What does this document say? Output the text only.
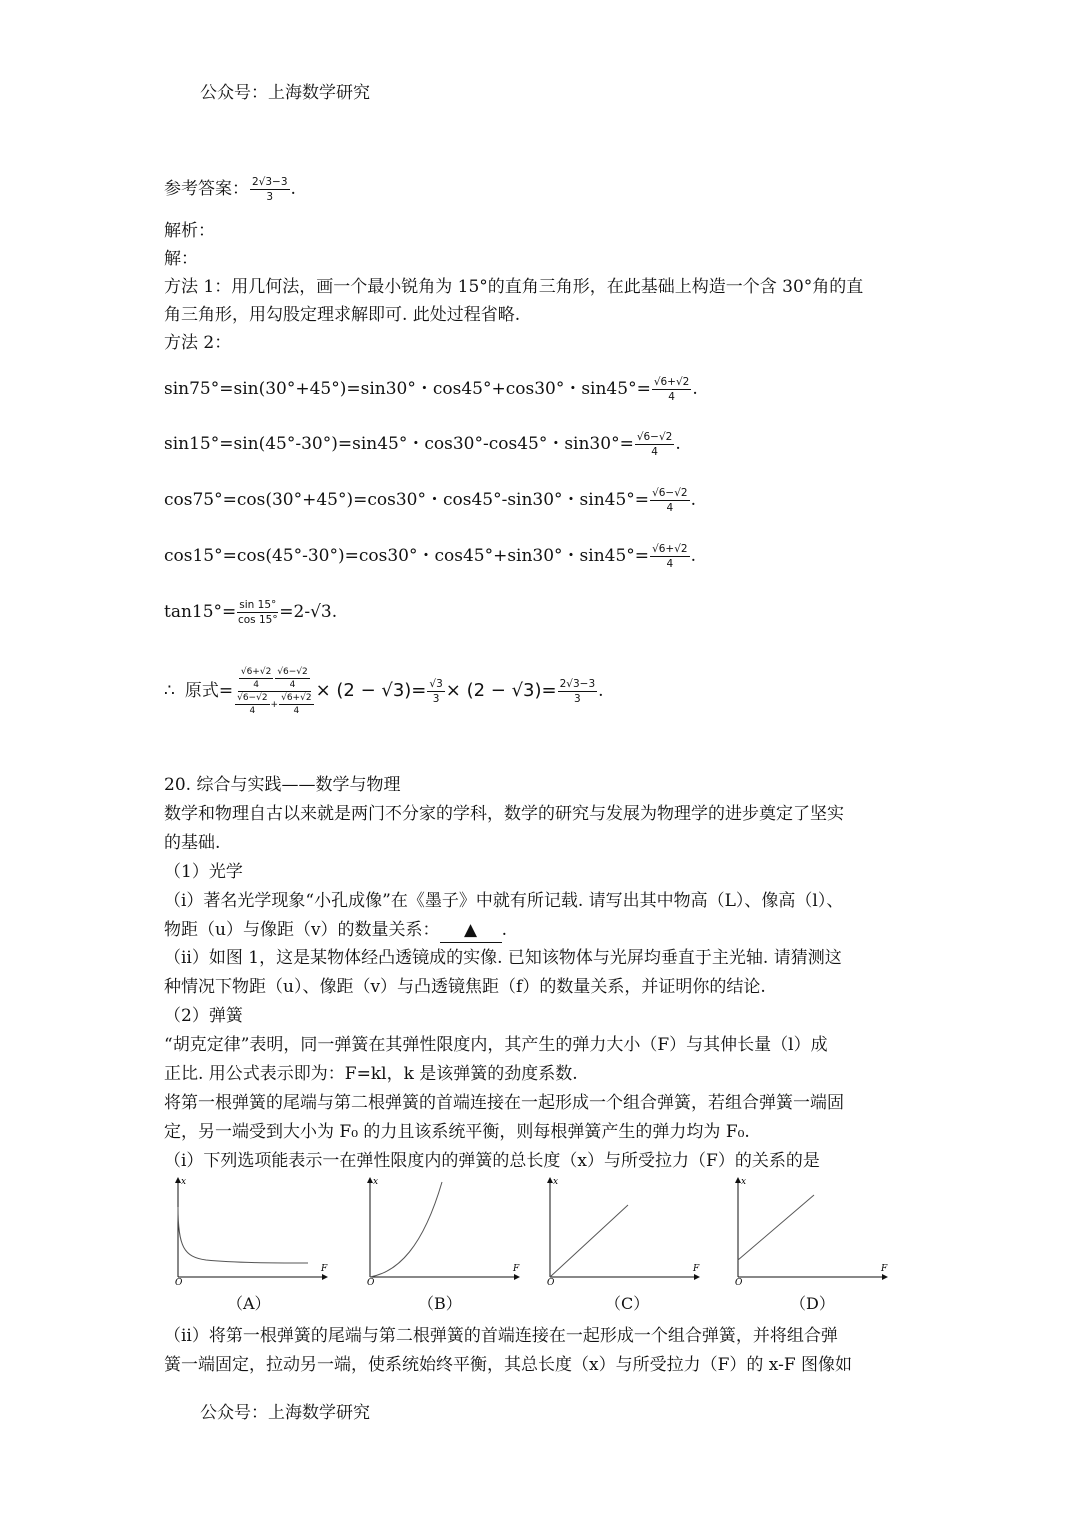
公众号：上海数学研究
参考答案： $\frac{2√3-3}{3}$ .
解析：
解：
方法 1：用几何法，画一个最小锐角为 15°的直角三角形，在此基础上构造一个含 30°角的直
角三角形，用勾股定理求解即可. 此处过程省略.
方法 2：
sin75°=sin(30°+45°)=sin30°・cos45°+cos30°・$\sin 45^\circ= \frac{√6+√2}{4}$ .
sin15°=sin(45°-30°)=sin45°・cos30°-cos45°・$\sin 30^\circ= \frac{√6-√2}{4}$ .
cos75°=cos(30°+45°)=cos30°・cos45°-sin30°・$\sin 45^\circ= \frac{√6-√2}{4}$ .
cos15°=cos(45°-30°)=cos30°・cos45°+sin30°・$\sin 45^\circ= \frac{√6+√2}{4}$ .
$\tan 15^\circ= \frac{\sin 15^\circ}{\cos 15^\circ} =2-√3$.
∴ 原式= $\frac{\frac{√6+√2}{4} \frac{√6-√2}{4}}{\frac{√6-√2}{4} + \frac{√6+√2}{4}} \times (2 - √3)= \frac{√3}{3} \times (2 - √3)= \frac{2√3-3}{3}$ .
20. 综合与实践——数学与物理
数学和物理自古以来就是两门不分家的学科，数学的研究与发展为物理学的进步奠定了坚实
的基础.
（1）光学
（i）著名光学现象“小孔成像”在《墨子》中就有所记载. 请写出其中物高（L）、像高（l）、
物距（u）与像距（v）的数量关系： ▲ .
（ii）如图 1，这是某物体经凸透镜成的实像. 已知该物体与光屏均垂直于主光轴. 请猜测这
种情况下物距（u）、像距（v）与凸透镜焦距（f）的数量关系，并证明你的结论.
（2）弹簧
“胡克定律”表明，同一弹簧在其弹性限度内，其产生的弹力大小（F）与其伸长量（l）成
正比. 用公式表示即为：F=kl，k 是该弹簧的劲度系数.
将第一根弹簧的尾端与第二根弹簧的首端连接在一起形成一个组合弹簧，若组合弹簧一端固
定，另一端受到大小为 F₀ 的力且该系统平衡，则每根弹簧产生的弹力均为 F₀.
（i）下列选项能表示一在弹性限度内的弹簧的总长度（x）与所受拉力（F）的关系的是
F
x
O
F
x
O
F
x
O
F
x
O
（A）	（B）	（C）	（D）
（ii）将第一根弹簧的尾端与第二根弹簧的首端连接在一起形成一个组合弹簧，并将组合弹
簧一端固定，拉动另一端，使系统始终平衡，其总长度（x）与所受拉力（F）的 x-F 图像如
公众号：上海数学研究
